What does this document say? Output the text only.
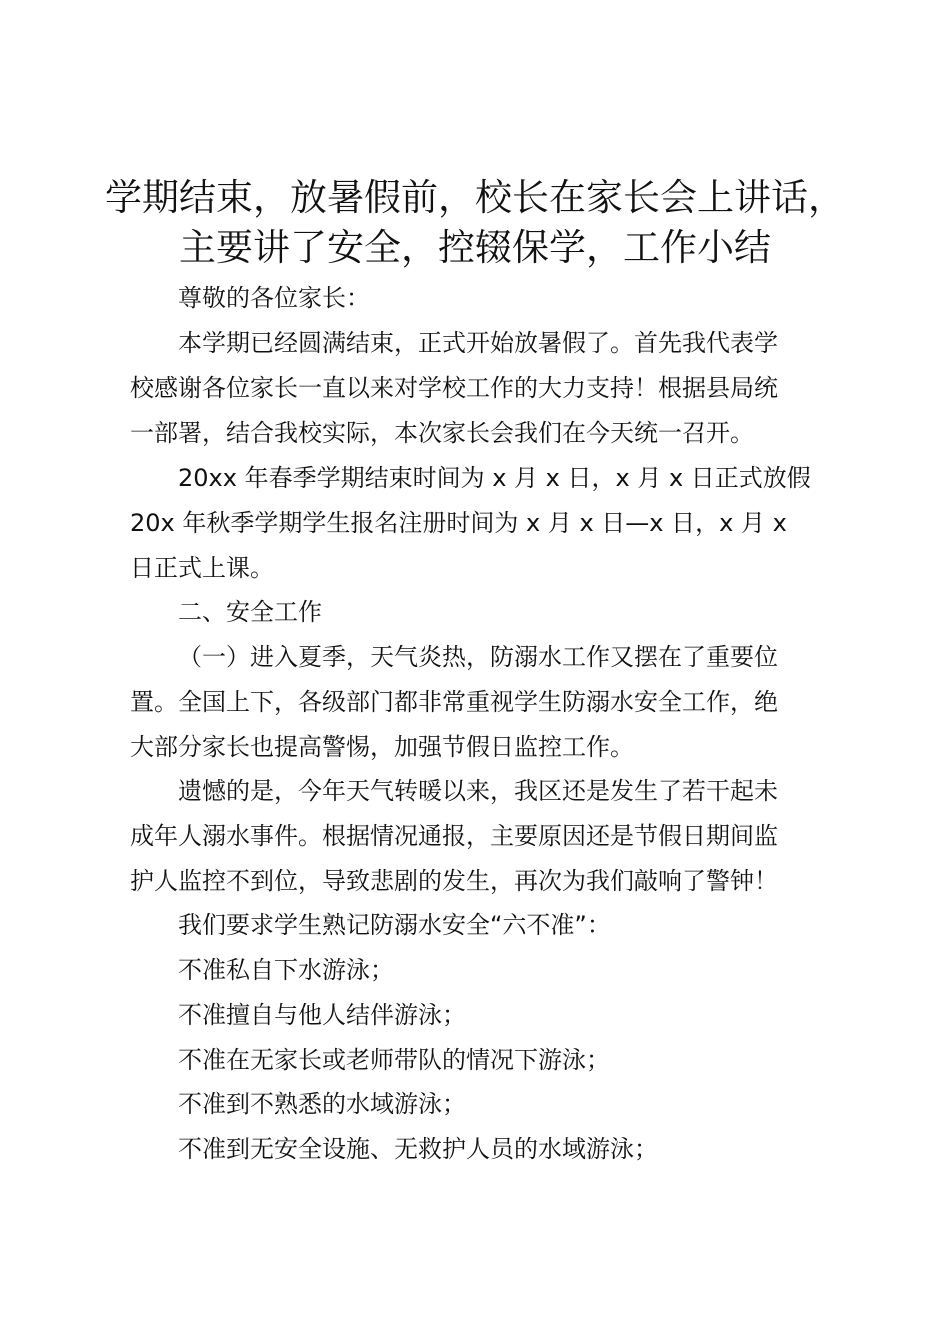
学期结束，放暑假前，校长在家长会上讲话，
主要讲了安全，控辍保学，工作小结
尊敬的各位家长：
本学期已经圆满结束，正式开始放暑假了。首先我代表学
校感谢各位家长一直以来对学校工作的大力支持！根据县局统
一部署，结合我校实际，本次家长会我们在今天统一召开。
20xx 年春季学期结束时间为 x 月 x 日，x 月 x 日正式放假
20x 年秋季学期学生报名注册时间为 x 月 x 日—x 日，x 月 x
日正式上课。
二、安全工作
（一）进入夏季，天气炎热，防溺水工作又摆在了重要位
置。全国上下，各级部门都非常重视学生防溺水安全工作，绝
大部分家长也提高警惕，加强节假日监控工作。
遗憾的是，今年天气转暖以来，我区还是发生了若干起未
成年人溺水事件。根据情况通报，主要原因还是节假日期间监
护人监控不到位，导致悲剧的发生，再次为我们敲响了警钟！
我们要求学生熟记防溺水安全“六不准”：
不准私自下水游泳；
不准擅自与他人结伴游泳；
不准在无家长或老师带队的情况下游泳；
不准到不熟悉的水域游泳；
不准到无安全设施、无救护人员的水域游泳；
